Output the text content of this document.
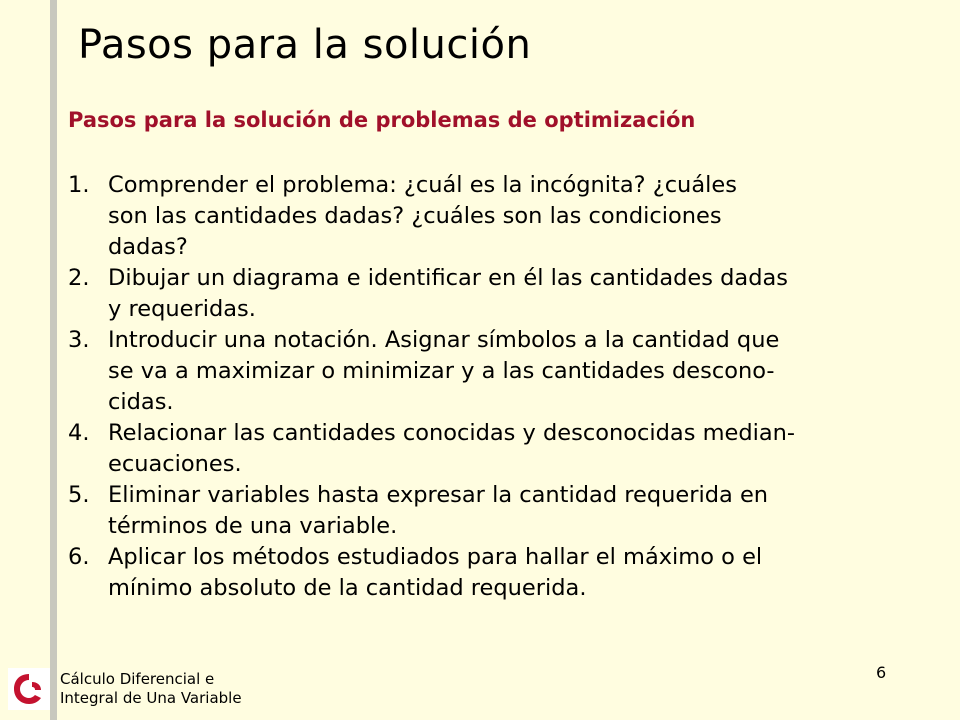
Pasos para la solución
Pasos para la solución de problemas de optimización
1. Comprender el problema: ¿cuál es la incógnita? ¿cuáles
son las cantidades dadas? ¿cuáles son las condiciones
dadas?
2. Dibujar un diagrama e identificar en él las cantidades dadas
y requeridas.
3. Introducir una notación. Asignar símbolos a la cantidad que
se va a maximizar o minimizar y a las cantidades descono-
cidas.
4. Relacionar las cantidades conocidas y desconocidas median-
ecuaciones.
5. Eliminar variables hasta expresar la cantidad requerida en
términos de una variable.
6. Aplicar los métodos estudiados para hallar el máximo o el
mínimo absoluto de la cantidad requerida.
Cálculo Diferencial e
Integral de Una Variable
6
